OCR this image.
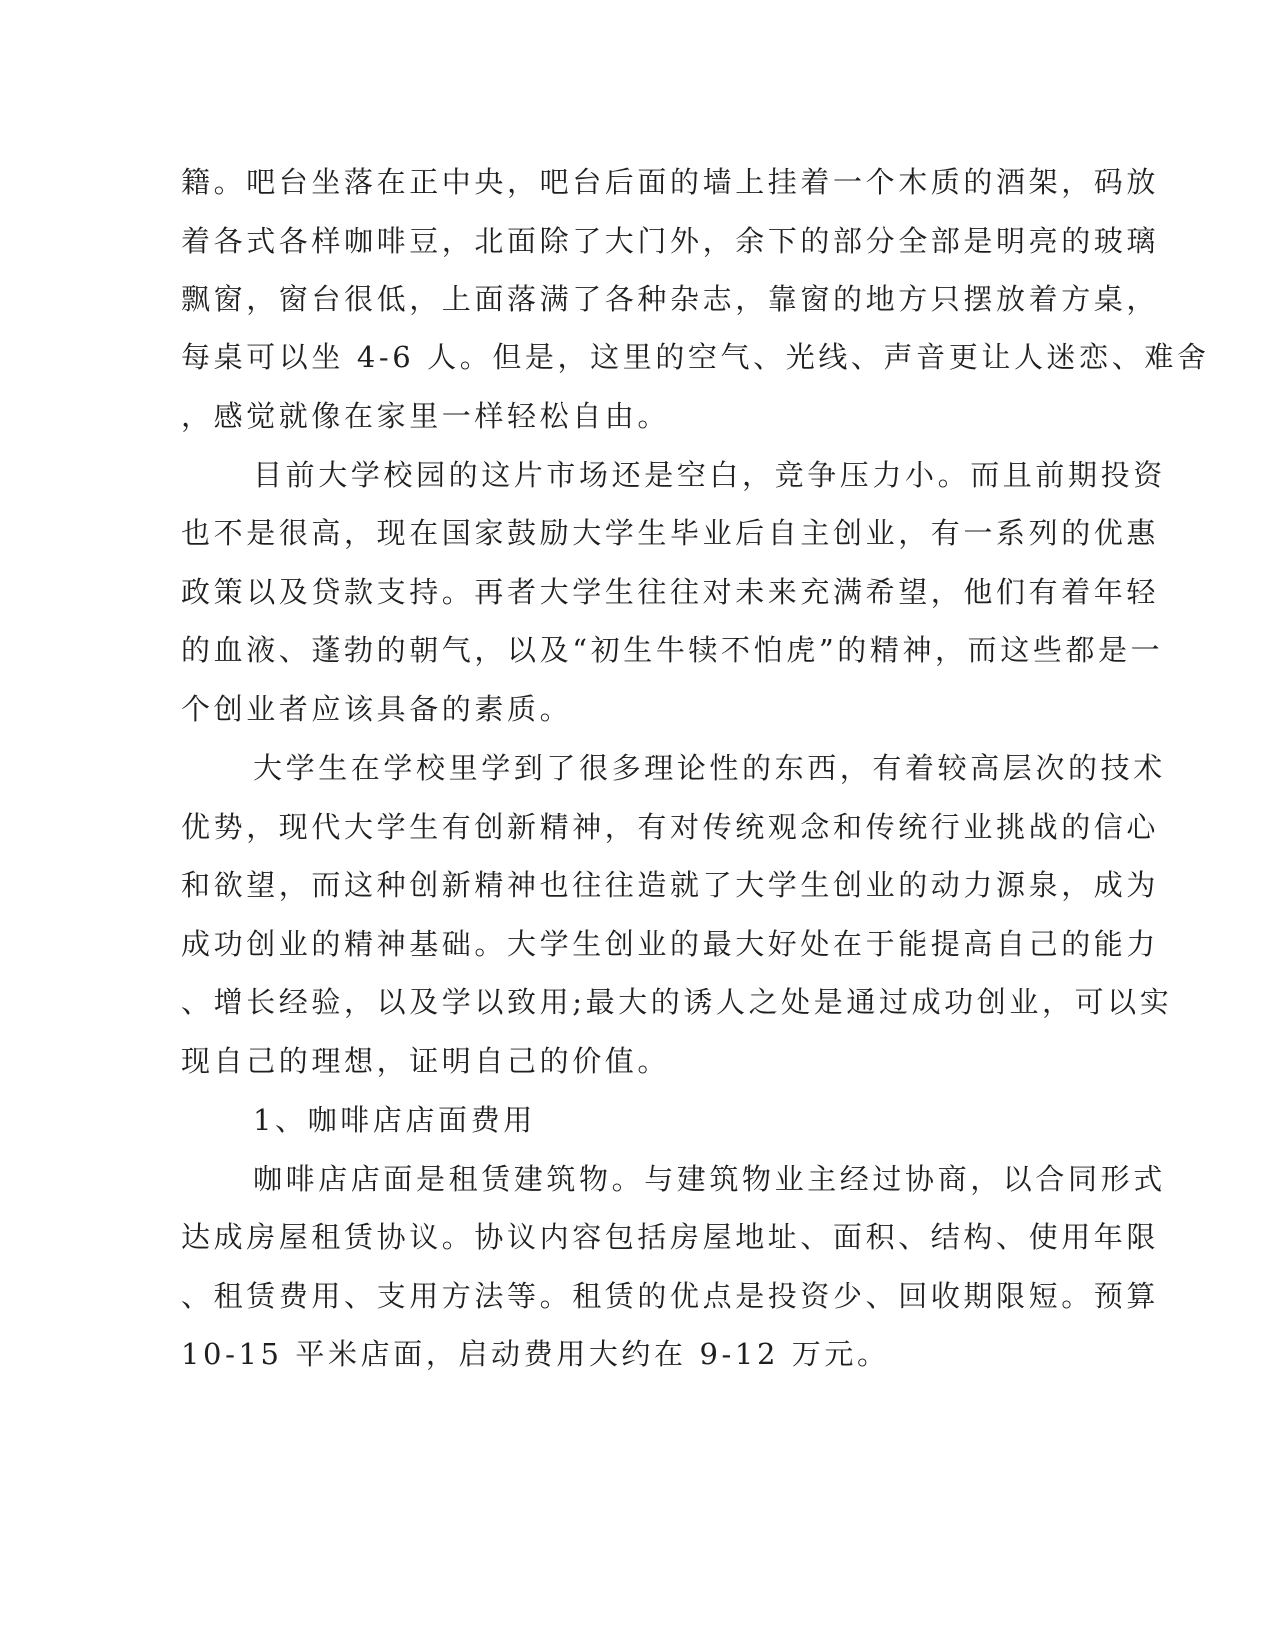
籍。吧台坐落在正中央，吧台后面的墙上挂着一个木质的酒架，码放
着各式各样咖啡豆，北面除了大门外，余下的部分全部是明亮的玻璃
飘窗，窗台很低，上面落满了各种杂志，靠窗的地方只摆放着方桌，
每桌可以坐 4-6 人。但是，这里的空气、光线、声音更让人迷恋、难舍
，感觉就像在家里一样轻松自由。
目前大学校园的这片市场还是空白，竞争压力小。而且前期投资
也不是很高，现在国家鼓励大学生毕业后自主创业，有一系列的优惠
政策以及贷款支持。再者大学生往往对未来充满希望，他们有着年轻
的血液、蓬勃的朝气，以及“初生牛犊不怕虎”的精神，而这些都是一
个创业者应该具备的素质。
大学生在学校里学到了很多理论性的东西，有着较高层次的技术
优势，现代大学生有创新精神，有对传统观念和传统行业挑战的信心
和欲望，而这种创新精神也往往造就了大学生创业的动力源泉，成为
成功创业的精神基础。大学生创业的最大好处在于能提高自己的能力
、增长经验，以及学以致用;最大的诱人之处是通过成功创业，可以实
现自己的理想，证明自己的价值。
1、咖啡店店面费用
咖啡店店面是租赁建筑物。与建筑物业主经过协商，以合同形式
达成房屋租赁协议。协议内容包括房屋地址、面积、结构、使用年限
、租赁费用、支用方法等。租赁的优点是投资少、回收期限短。预算
10-15 平米店面，启动费用大约在 9-12 万元。
